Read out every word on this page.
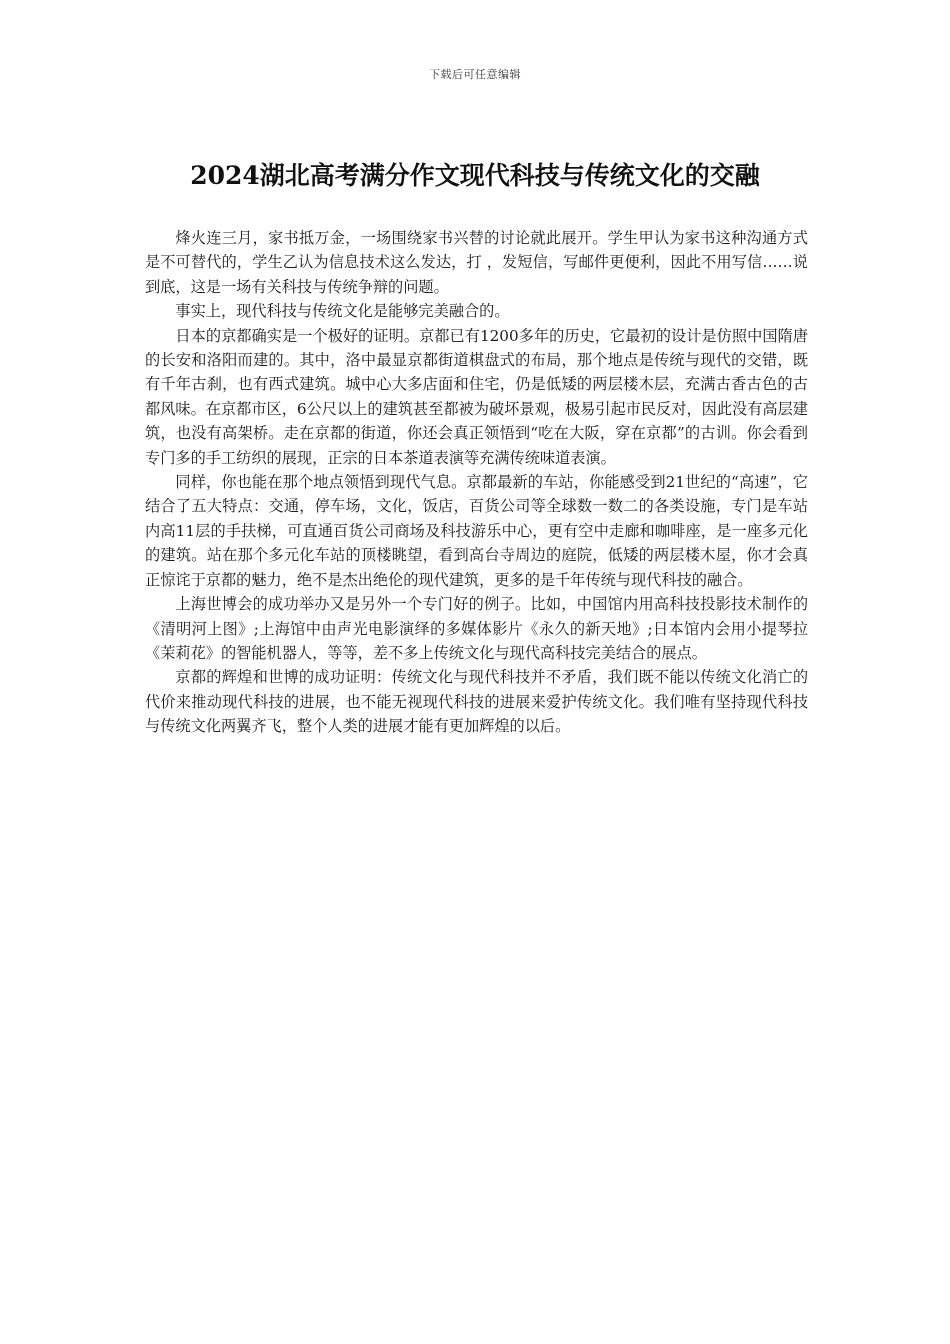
下载后可任意编辑
2024湖北高考满分作文现代科技与传统文化的交融

烽火连三月，家书抵万金，一场围绕家书兴替的讨论就此展开。学生甲认为家书这种沟通方式是不可替代的，学生乙认为信息技术这么发达，打 ，发短信，写邮件更便利，因此不用写信……说到底，这是一场有关科技与传统争辩的问题。

事实上，现代科技与传统文化是能够完美融合的。

日本的京都确实是一个极好的证明。京都已有1200多年的历史，它最初的设计是仿照中国隋唐的长安和洛阳而建的。其中，洛中最显京都街道棋盘式的布局，那个地点是传统与现代的交错，既有千年古刹，也有西式建筑。城中心大多店面和住宅，仍是低矮的两层楼木层，充满古香古色的古都风味。在京都市区，6公尺以上的建筑甚至都被为破坏景观，极易引起市民反对，因此没有高层建筑，也没有高架桥。走在京都的街道，你还会真正领悟到“吃在大阪，穿在京都”的古训。你会看到专门多的手工纺织的展现，正宗的日本茶道表演等充满传统味道表演。

同样，你也能在那个地点领悟到现代气息。京都最新的车站，你能感受到21世纪的“高速”，它结合了五大特点：交通，停车场，文化，饭店，百货公司等全球数一数二的各类设施，专门是车站内高11层的手扶梯，可直通百货公司商场及科技游乐中心，更有空中走廊和咖啡座，是一座多元化的建筑。站在那个多元化车站的顶楼眺望，看到高台寺周边的庭院，低矮的两层楼木屋，你才会真正惊诧于京都的魅力，绝不是杰出绝伦的现代建筑，更多的是千年传统与现代科技的融合。

上海世博会的成功举办又是另外一个专门好的例子。比如，中国馆内用高科技投影技术制作的《清明河上图》;上海馆中由声光电影演绎的多媒体影片《永久的新天地》;日本馆内会用小提琴拉《茉莉花》的智能机器人，等等，差不多上传统文化与现代高科技完美结合的展点。

京都的辉煌和世博的成功证明：传统文化与现代科技并不矛盾，我们既不能以传统文化消亡的代价来推动现代科技的进展，也不能无视现代科技的进展来爱护传统文化。我们唯有坚持现代科技与传统文化两翼齐飞，整个人类的进展才能有更加辉煌的以后。
